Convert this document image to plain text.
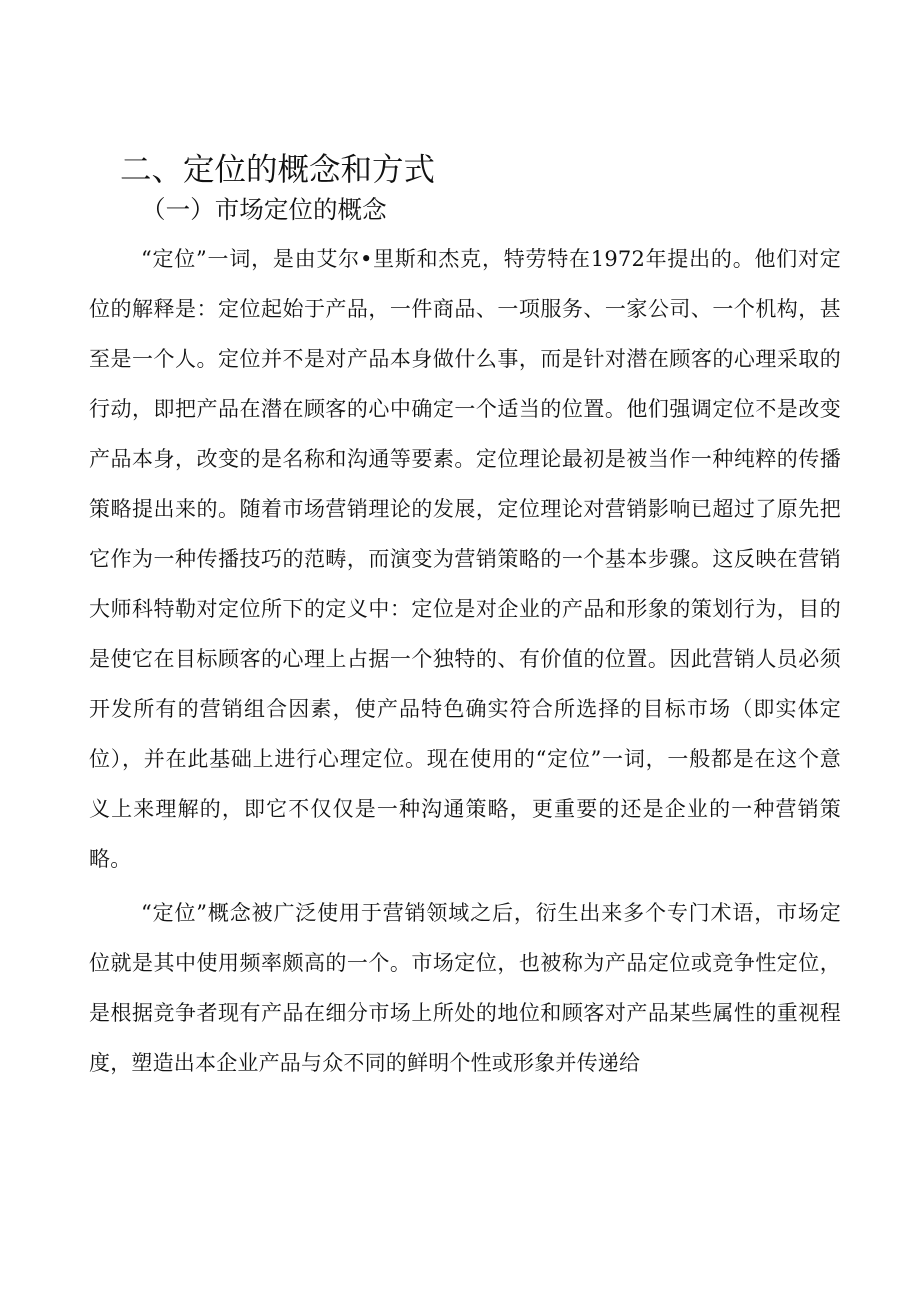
二、定位的概念和方式
（一）市场定位的概念

“定位”一词，是由艾尔•里斯和杰克，特劳特在1972年提出的。他们对定位的解释是：定位起始于产品，一件商品、一项服务、一家公司、一个机构，甚至是一个人。定位并不是对产品本身做什么事，而是针对潜在顾客的心理采取的行动，即把产品在潜在顾客的心中确定一个适当的位置。他们强调定位不是改变产品本身，改变的是名称和沟通等要素。定位理论最初是被当作一种纯粹的传播策略提出来的。随着市场营销理论的发展，定位理论对营销影响已超过了原先把它作为一种传播技巧的范畴，而演变为营销策略的一个基本步骤。这反映在营销大师科特勒对定位所下的定义中：定位是对企业的产品和形象的策划行为，目的是使它在目标顾客的心理上占据一个独特的、有价值的位置。因此营销人员必须开发所有的营销组合因素，使产品特色确实符合所选择的目标市场（即实体定位），并在此基础上进行心理定位。现在使用的“定位”一词，一般都是在这个意义上来理解的，即它不仅仅是一种沟通策略，更重要的还是企业的一种营销策略。

“定位”概念被广泛使用于营销领域之后，衍生出来多个专门术语，市场定位就是其中使用频率颇高的一个。市场定位，也被称为产品定位或竞争性定位，是根据竞争者现有产品在细分市场上所处的地位和顾客对产品某些属性的重视程度，塑造出本企业产品与众不同的鲜明个性或形象并传递给
